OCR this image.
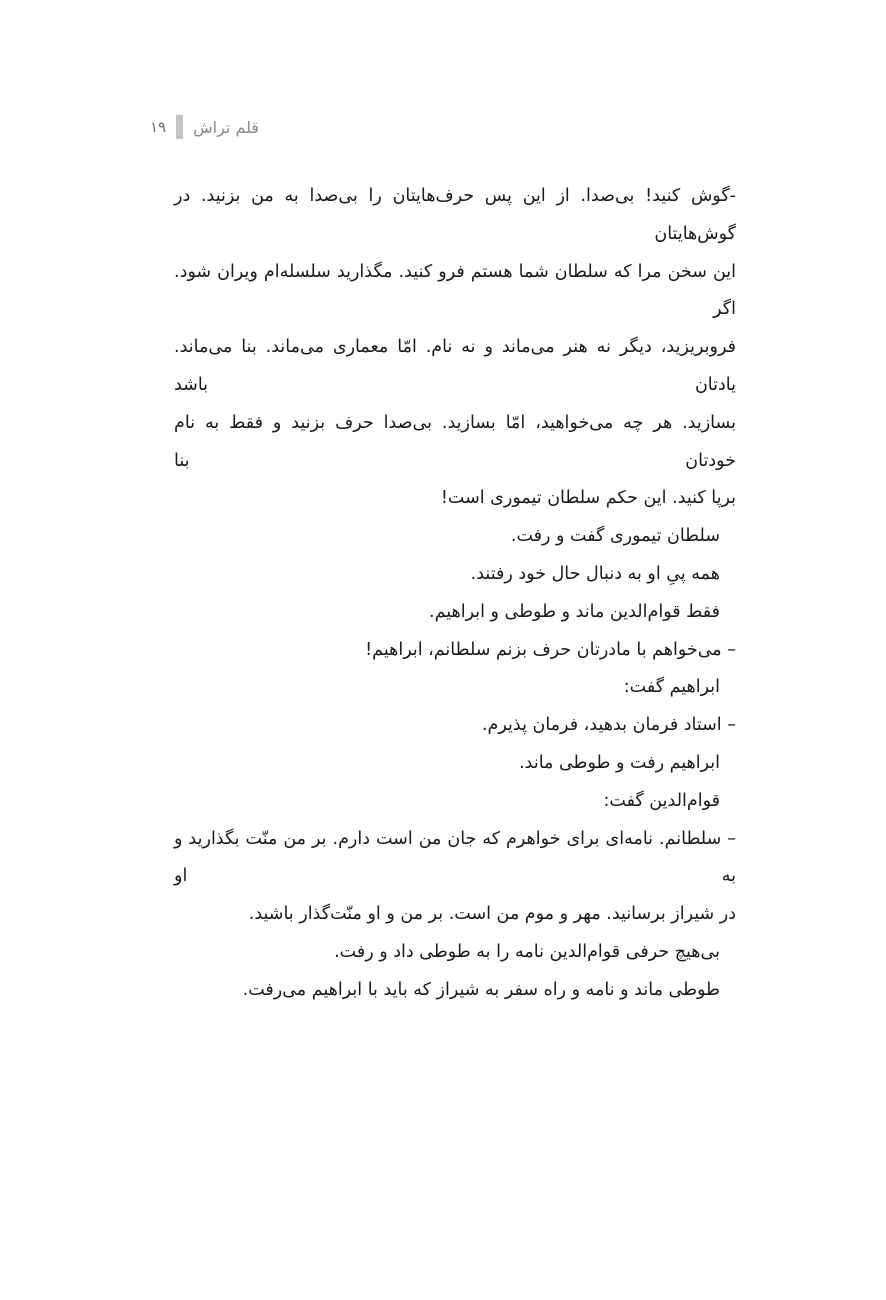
۱۹ قلم تراش
-گوش کنید! بی‌صدا. از این پس حرف‌هایتان را بی‌صدا به من بزنید. در گوش‌هایتان
این سخن مرا که سلطان شما هستم فرو کنید. مگذارید سلسله‌ام ویران شود. اگر
فروبریزید، دیگر نه هنر می‌ماند و نه نام. امّا معماری می‌ماند. بنا می‌ماند. یادتان باشد
بسازید. هر چه می‌خواهید، امّا بسازید. بی‌صدا حرف بزنید و فقط به نام خودتان بنا
برپا کنید. این حکم سلطان تیموری است!
سلطان تیموری گفت و رفت.
همه پیِ او به دنبال حال خود رفتند.
فقط قوام‌الدین ماند و طوطی و ابراهیم.
– می‌خواهم با مادرتان حرف بزنم سلطانم، ابراهیم!
ابراهیم گفت:
– استاد فرمان بدهید، فرمان پذیرم.
ابراهیم رفت و طوطی ماند.
قوام‌الدین گفت:
– سلطانم. نامه‌ای برای خواهرم که جان من است دارم. بر من منّت بگذارید و به او
در شیراز برسانید. مهر و موم من است. بر من و او منّت‌گذار باشید.
بی‌هیچ حرفی قوام‌الدین نامه را به طوطی داد و رفت.
طوطی ماند و نامه و راه سفر به شیراز که باید با ابراهیم می‌رفت.
